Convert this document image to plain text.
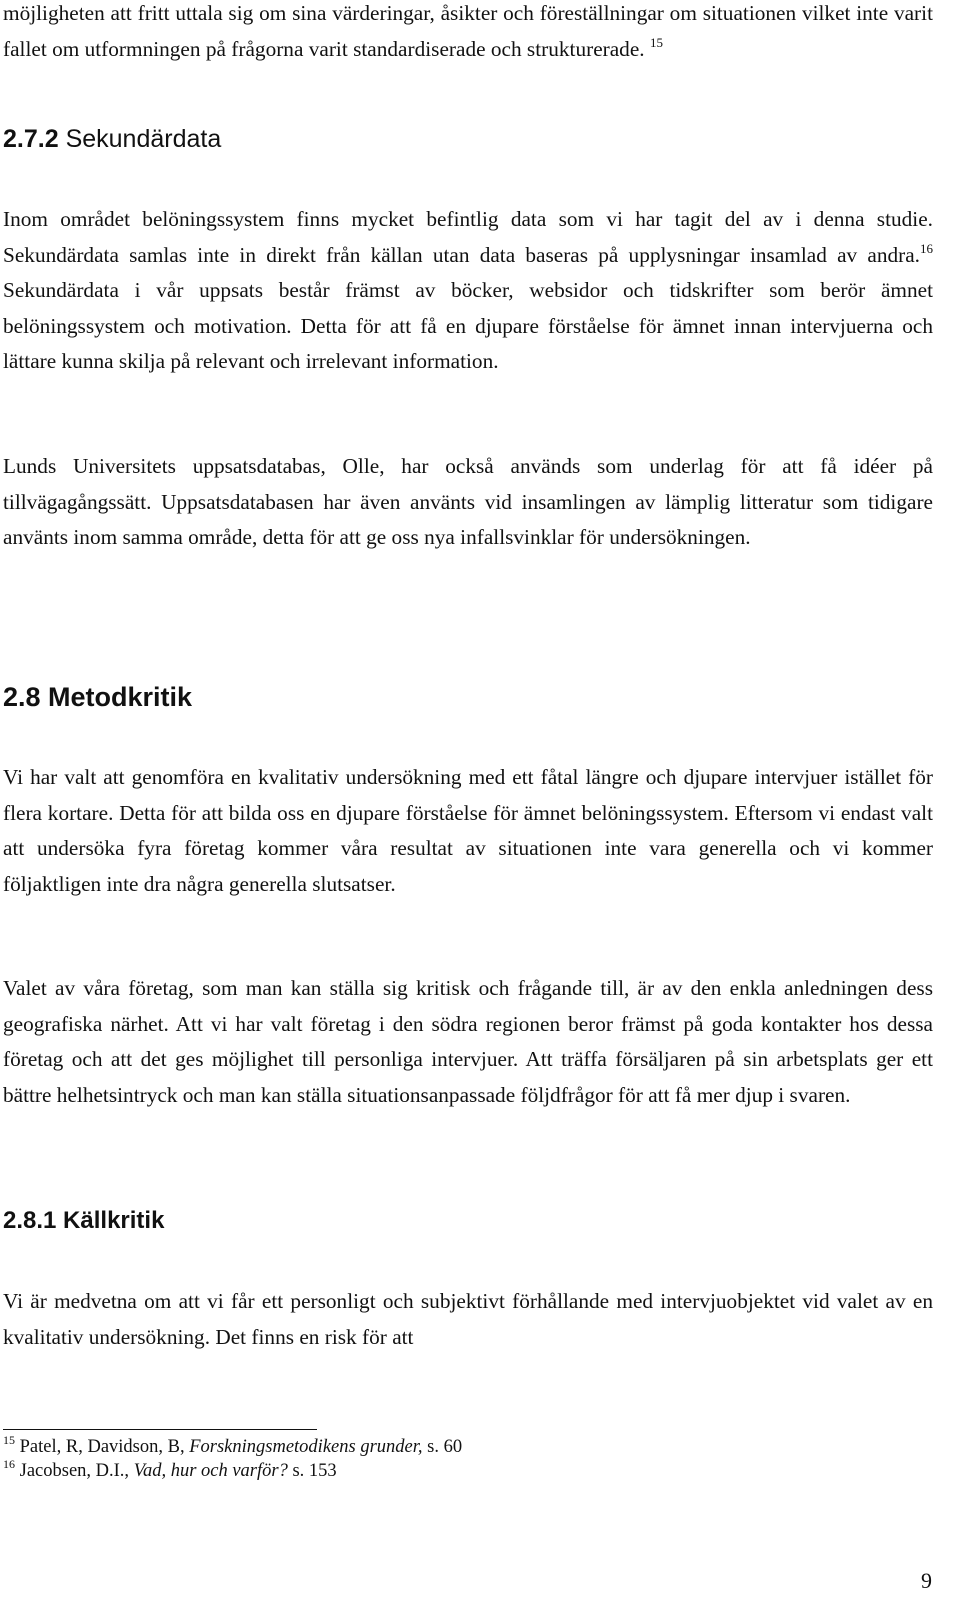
möjligheten att fritt uttala sig om sina värderingar, åsikter och föreställningar om situationen vilket inte varit fallet om utformningen på frågorna varit standardiserade och strukturerade. $^{15}$

2.7.2 Sekundärdata

Inom området belöningssystem finns mycket befintlig data som vi har tagit del av i denna studie. Sekundärdata samlas inte in direkt från källan utan data baseras på upplysningar insamlad av andra.$^{16}$ Sekundärdata i vår uppsats består främst av böcker, websidor och tidskrifter som berör ämnet belöningssystem och motivation. Detta för att få en djupare förståelse för ämnet innan intervjuerna och lättare kunna skilja på relevant och irrelevant information.

Lunds Universitets uppsatsdatabas, Olle, har också används som underlag för att få idéer på tillvägagångssätt. Uppsatsdatabasen har även använts vid insamlingen av lämplig litteratur som tidigare använts inom samma område, detta för att ge oss nya infallsvinklar för undersökningen.

2.8 Metodkritik

Vi har valt att genomföra en kvalitativ undersökning med ett fåtal längre och djupare intervjuer istället för flera kortare. Detta för att bilda oss en djupare förståelse för ämnet belöningssystem. Eftersom vi endast valt att undersöka fyra företag kommer våra resultat av situationen inte vara generella och vi kommer följaktligen inte dra några generella slutsatser.

Valet av våra företag, som man kan ställa sig kritisk och frågande till, är av den enkla anledningen dess geografiska närhet. Att vi har valt företag i den södra regionen beror främst på goda kontakter hos dessa företag och att det ges möjlighet till personliga intervjuer. Att träffa försäljaren på sin arbetsplats ger ett bättre helhetsintryck och man kan ställa situationsanpassade följdfrågor för att få mer djup i svaren.

2.8.1 Källkritik

Vi är medvetna om att vi får ett personligt och subjektivt förhållande med intervjuobjektet vid valet av en kvalitativ undersökning. Det finns en risk för att

$^{15}$ Patel, R, Davidson, B, Forskningsmetodikens grunder, s. 60
$^{16}$ Jacobsen, D.I., Vad, hur och varför? s. 153
9
